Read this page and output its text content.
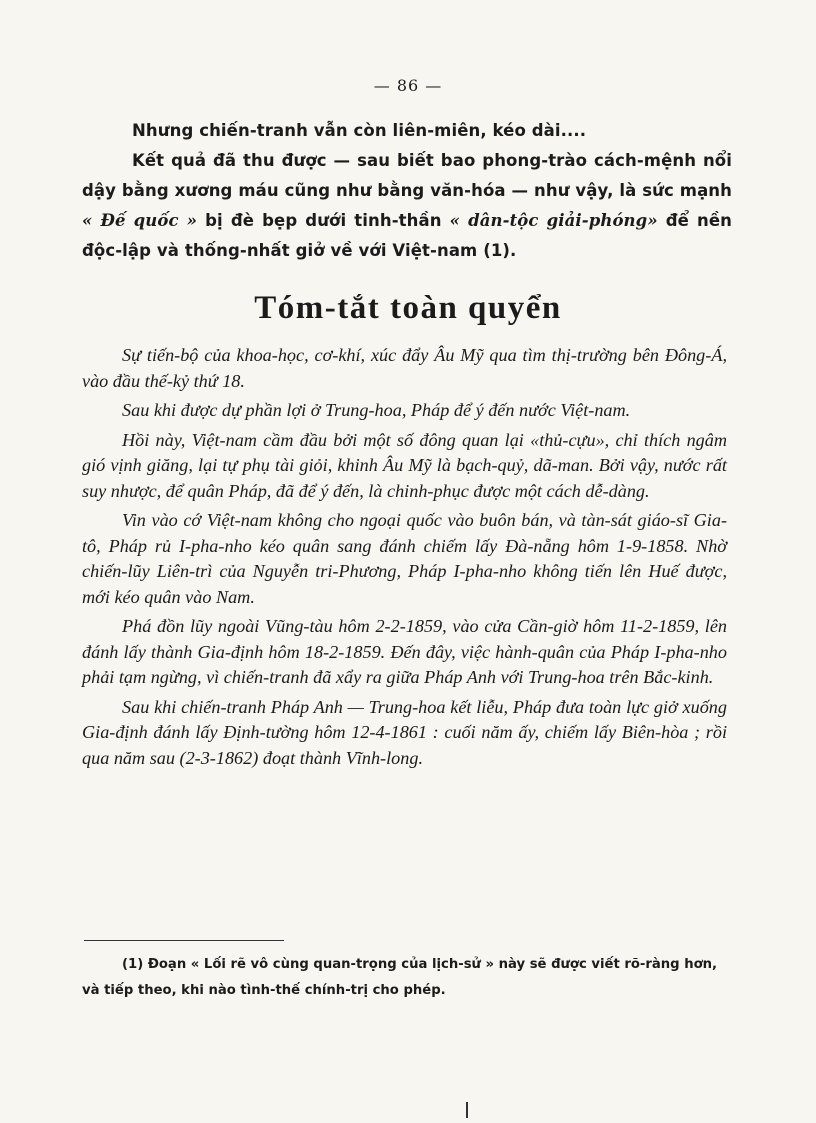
— 86 —

Nhưng chiến-tranh vẫn còn liên-miên, kéo dài....

Kết quả đã thu được — sau biết bao phong-trào cách-mệnh nổi dậy bằng xương máu cũng như bằng văn-hóa — như vậy, là sức mạnh « Đế quốc » bị đè bẹp dưới tinh-thần « dân-tộc giải-phóng» để nền độc-lập và thống-nhất giở về với Việt-nam (1).

Tóm-tắt toàn quyển

Sự tiến-bộ của khoa-học, cơ-khí, xúc đẩy Âu Mỹ qua tìm thị-trường bên Đông-Á, vào đầu thế-kỷ thứ 18.

Sau khi được dự phần lợi ở Trung-hoa, Pháp để ý đến nước Việt-nam.

Hồi này, Việt-nam cầm đầu bởi một số đông quan lại «thủ-cựu», chỉ thích ngâm gió vịnh giăng, lại tự phụ tài giỏi, khinh Âu Mỹ là bạch-quỷ, dã-man. Bởi vậy, nước rất suy nhược, để quân Pháp, đã để ý đến, là chinh-phục được một cách dễ-dàng.

Vin vào cớ Việt-nam không cho ngoại quốc vào buôn bán, và tàn-sát giáo-sĩ Gia-tô, Pháp rủ I-pha-nho kéo quân sang đánh chiếm lấy Đà-nẵng hôm 1-9-1858. Nhờ chiến-lũy Liên-trì của Nguyễn tri-Phương, Pháp I-pha-nho không tiến lên Huế được, mới kéo quân vào Nam.

Phá đồn lũy ngoài Vũng-tàu hôm 2-2-1859, vào cửa Cần-giờ hôm 11-2-1859, lên đánh lấy thành Gia-định hôm 18-2-1859. Đến đây, việc hành-quân của Pháp I-pha-nho phải tạm ngừng, vì chiến-tranh đã xẩy ra giữa Pháp Anh với Trung-hoa trên Bắc-kinh.

Sau khi chiến-tranh Pháp Anh — Trung-hoa kết liễu, Pháp đưa toàn lực giở xuống Gia-định đánh lấy Định-tường hôm 12-4-1861 : cuối năm ấy, chiếm lấy Biên-hòa ; rồi qua năm sau (2-3-1862) đoạt thành Vĩnh-long.

(1) Đoạn « Lối rẽ vô cùng quan-trọng của lịch-sử » này sẽ được viết rõ-ràng hơn, và tiếp theo, khi nào tình-thế chính-trị cho phép.
